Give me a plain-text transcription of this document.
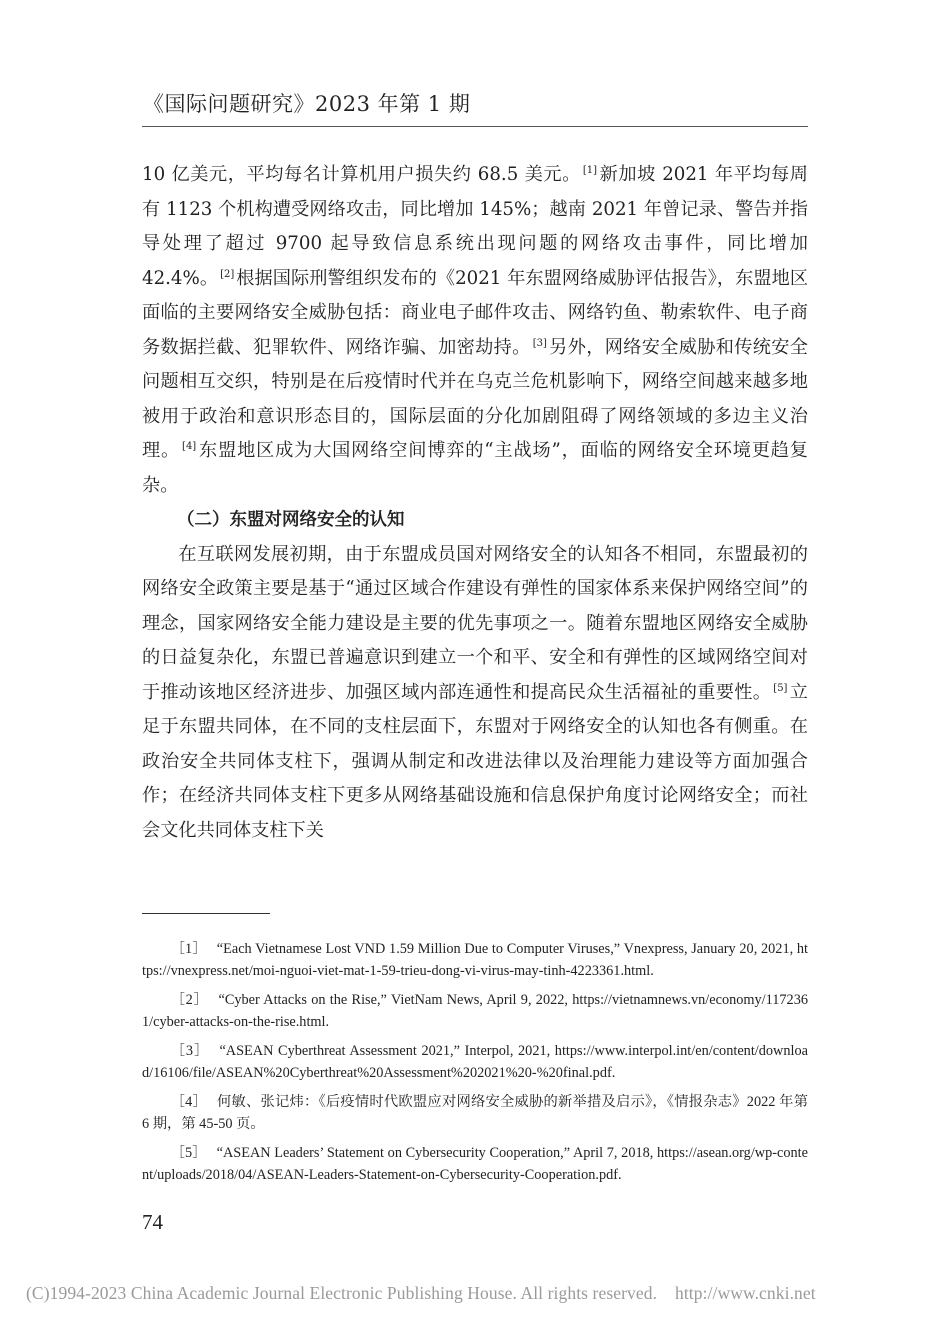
《国际问题研究》2023 年第 1 期

10 亿美元，平均每名计算机用户损失约 68.5 美元。 [1] 新加坡 2021 年平均每周有 1123 个机构遭受网络攻击，同比增加 145%；越南 2021 年曾记录、警告并指导处理了超过 9700 起导致信息系统出现问题的网络攻击事件，同比增加 42.4%。 [2] 根据国际刑警组织发布的《2021 年东盟网络威胁评估报告》，东盟地区面临的主要网络安全威胁包括：商业电子邮件攻击、网络钓鱼、勒索软件、电子商务数据拦截、犯罪软件、网络诈骗、加密劫持。 [3] 另外，网络安全威胁和传统安全问题相互交织，特别是在后疫情时代并在乌克兰危机影响下，网络空间越来越多地被用于政治和意识形态目的，国际层面的分化加剧阻碍了网络领域的多边主义治理。 [4] 东盟地区成为大国网络空间博弈的“主战场”，面临的网络安全环境更趋复杂。

（二）东盟对网络安全的认知

在互联网发展初期，由于东盟成员国对网络安全的认知各不相同，东盟最初的网络安全政策主要是基于“通过区域合作建设有弹性的国家体系来保护网络空间”的理念，国家网络安全能力建设是主要的优先事项之一。随着东盟地区网络安全威胁的日益复杂化，东盟已普遍意识到建立一个和平、安全和有弹性的区域网络空间对于推动该地区经济进步、加强区域内部连通性和提高民众生活福祉的重要性。 [5] 立足于东盟共同体，在不同的支柱层面下，东盟对于网络安全的认知也各有侧重。在政治安全共同体支柱下，强调从制定和改进法律以及治理能力建设等方面加强合作；在经济共同体支柱下更多从网络基础设施和信息保护角度讨论网络安全；而社会文化共同体支柱下关

［1］ “Each Vietnamese Lost VND 1.59 Million Due to Computer Viruses,” Vnexpress, January 20, 2021, https://vnexpress.net/moi-nguoi-viet-mat-1-59-trieu-dong-vi-virus-may-tinh-4223361.html.

［2］ “Cyber Attacks on the Rise,” VietNam News, April 9, 2022, https://vietnamnews.vn/economy/1172361/cyber-attacks-on-the-rise.html.

［3］ “ASEAN Cyberthreat Assessment 2021,” Interpol, 2021, https://www.interpol.int/en/content/download/16106/file/ASEAN%20Cyberthreat%20Assessment%202021%20-%20final.pdf.

［4］ 何敏、张记炜：《后疫情时代欧盟应对网络安全威胁的新举措及启示》，《情报杂志》2022 年第 6 期，第 45-50 页。

［5］ “ASEAN Leaders’ Statement on Cybersecurity Cooperation,” April 7, 2018, https://asean.org/wp-content/uploads/2018/04/ASEAN-Leaders-Statement-on-Cybersecurity-Cooperation.pdf.

74
(C)1994-2023 China Academic Journal Electronic Publishing House. All rights reserved.    http://www.cnki.net
